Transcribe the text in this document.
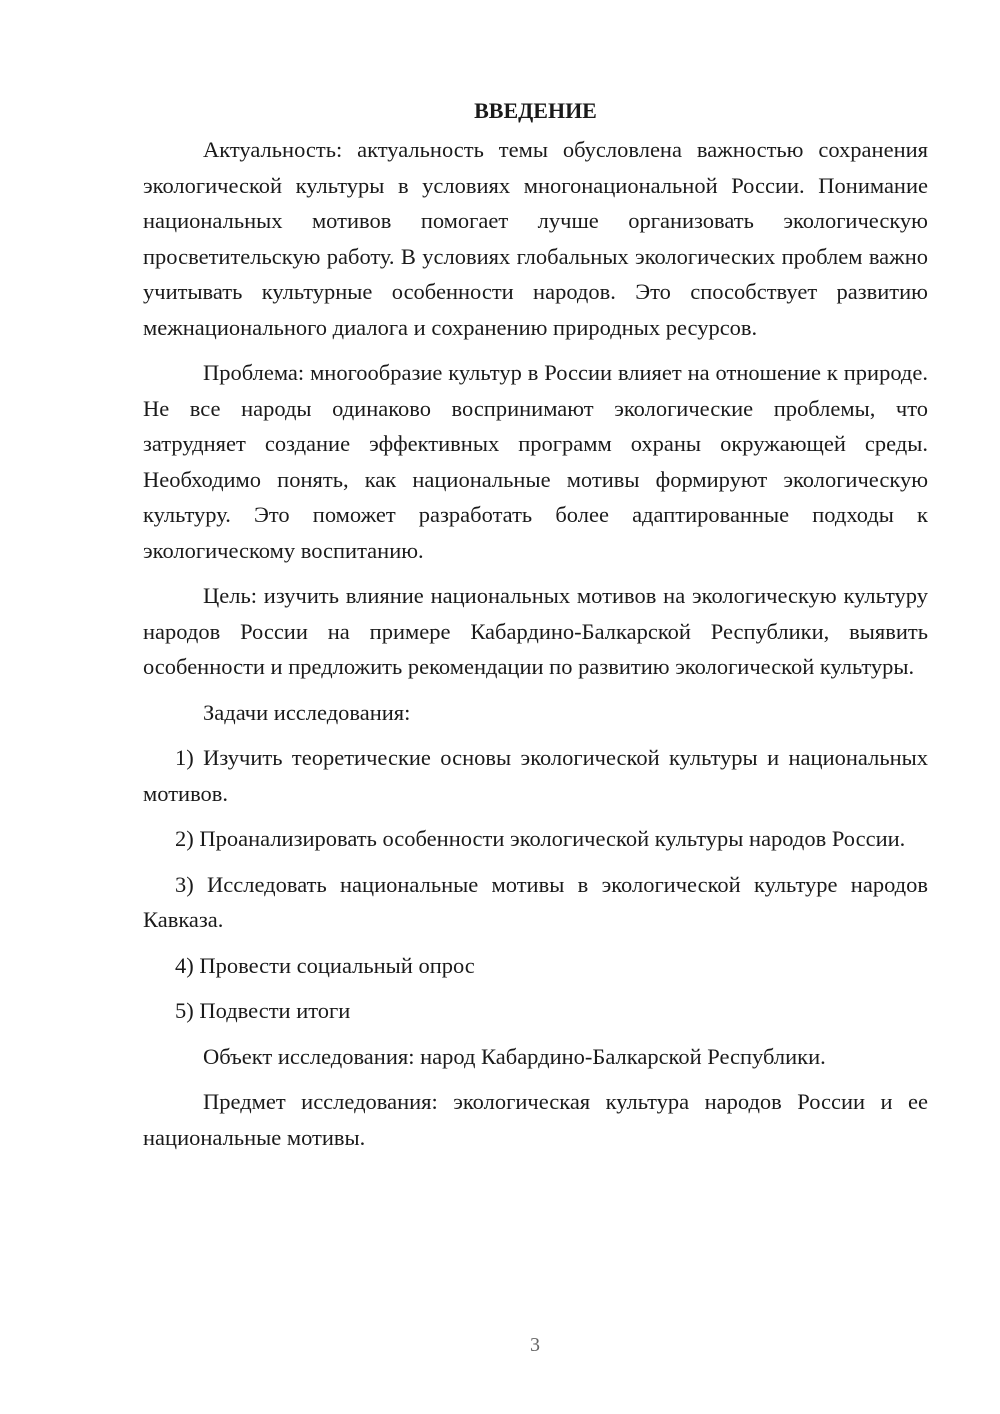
ВВЕДЕНИЕ

Актуальность: актуальность темы обусловлена важностью сохранения экологической культуры в условиях многонациональной России. Понимание национальных мотивов помогает лучше организовать экологическую просветительскую работу. В условиях глобальных экологических проблем важно учитывать культурные особенности народов. Это способствует развитию межнационального диалога и сохранению природных ресурсов.

Проблема: многообразие культур в России влияет на отношение к природе. Не все народы одинаково воспринимают экологические проблемы, что затрудняет создание эффективных программ охраны окружающей среды. Необходимо понять, как национальные мотивы формируют экологическую культуру. Это поможет разработать более адаптированные подходы к экологическому воспитанию.

Цель: изучить влияние национальных мотивов на экологическую культуру народов России на примере Кабардино-Балкарской Республики, выявить особенности и предложить рекомендации по развитию экологической культуры.

Задачи исследования:

1) Изучить теоретические основы экологической культуры и национальных мотивов.

2) Проанализировать особенности экологической культуры народов России.

3) Исследовать национальные мотивы в экологической культуре народов Кавказа.

4) Провести социальный опрос

5) Подвести итоги

Объект исследования: народ Кабардино-Балкарской Республики.

Предмет исследования: экологическая культура народов России и ее национальные мотивы.

3
